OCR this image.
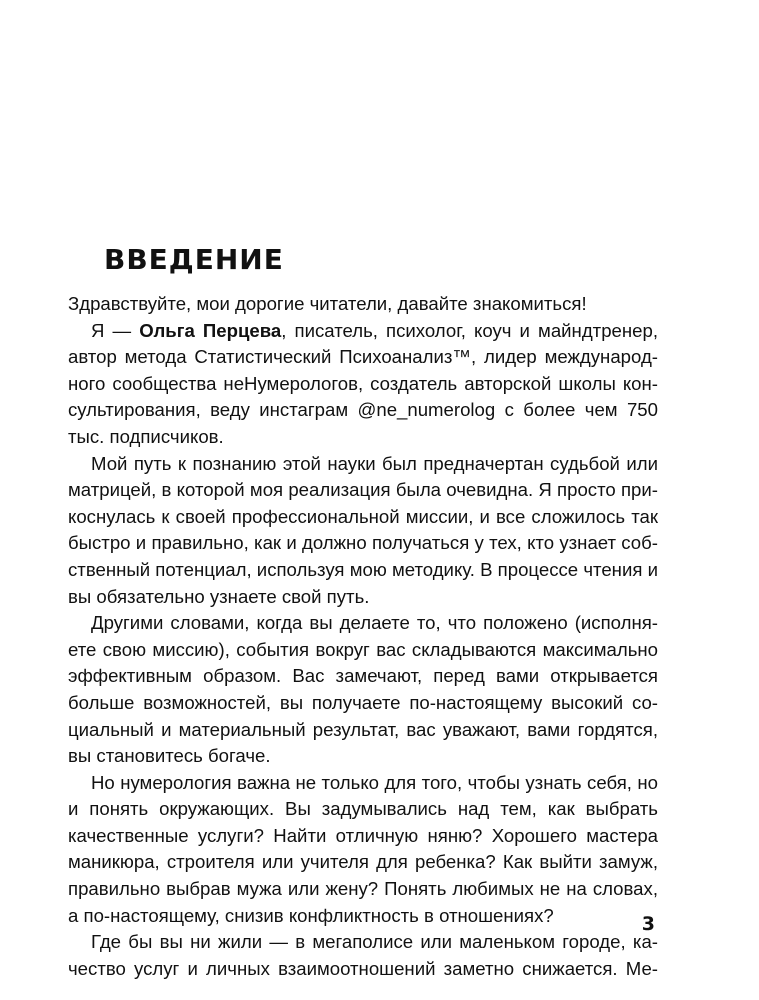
ВВЕДЕНИЕ

Здравствуйте, мои дорогие читатели, давайте знакомиться!

Я — Ольга Перцева, писатель, психолог, коуч и майндтренер, автор метода Статистический Психоанализ™, лидер международного сообщества неНумерологов, создатель авторской школы консультирования, веду инстаграм @ne_numerolog с более чем 750 тыс. подписчиков.

Мой путь к познанию этой науки был предначертан судьбой или матрицей, в которой моя реализация была очевидна. Я просто прикоснулась к своей профессиональной миссии, и все сложилось так быстро и правильно, как и должно получаться у тех, кто узнает собственный потенциал, используя мою методику. В процессе чтения и вы обязательно узнаете свой путь.

Другими словами, когда вы делаете то, что положено (исполняете свою миссию), события вокруг вас складываются максимально эффективным образом. Вас замечают, перед вами открывается больше возможностей, вы получаете по-настоящему высокий социальный и материальный результат, вас уважают, вами гордятся, вы становитесь богаче.

Но нумерология важна не только для того, чтобы узнать себя, но и понять окружающих. Вы задумывались над тем, как выбрать качественные услуги? Найти отличную няню? Хорошего мастера маникюра, строителя или учителя для ребенка? Как выйти замуж, правильно выбрав мужа или жену? Понять любимых не на словах, а по-настоящему, снизив конфликтность в отношениях?

Где бы вы ни жили — в мегаполисе или маленьком городе, качество услуг и личных взаимоотношений заметно снижается. Ме-

3
